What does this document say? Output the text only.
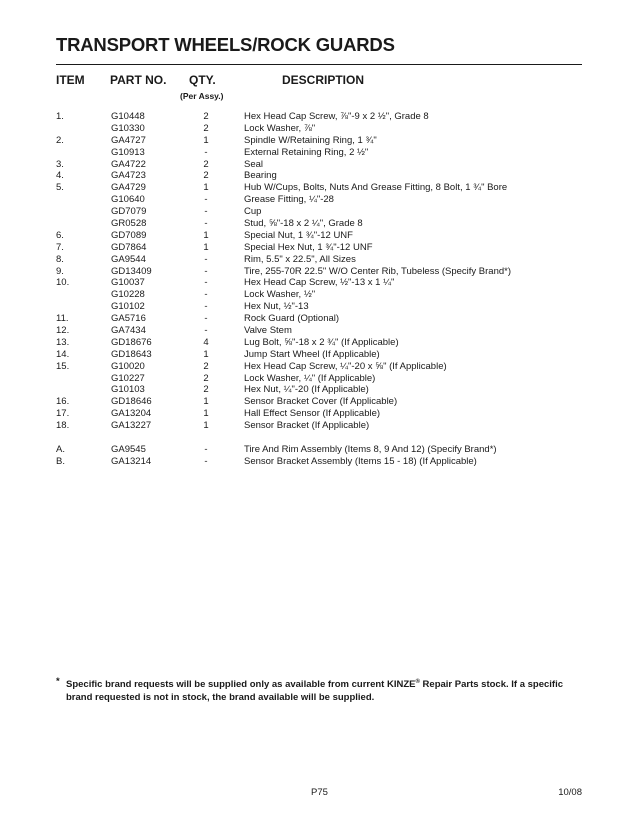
TRANSPORT WHEELS/ROCK GUARDS
ITEM PART NO. QTY.	DESCRIPTION
(Per Assy.)
1.	G10448	2	Hex Head Cap Screw, ⅞"-9 x 2 ½", Grade 8
G10330	2	Lock Washer, ⅞"
2.	GA4727	1	Spindle W/Retaining Ring, 1 ¾"
G10913	-	External Retaining Ring, 2 ½"
3.	GA4722	2	Seal
4.	GA4723	2	Bearing
5.	GA4729	1	Hub W/Cups, Bolts, Nuts And Grease Fitting, 8 Bolt, 1 ¾" Bore
G10640	-	Grease Fitting, ¼"-28
GD7079	-	Cup
GR0528	-	Stud, ⅝"-18 x 2 ¼", Grade 8
6.	GD7089	1	Special Nut, 1 ¾"-12 UNF
7.	GD7864	1	Special Hex Nut, 1 ¾"-12 UNF
8.	GA9544	-	Rim, 5.5" x 22.5", All Sizes
9.	GD13409	-	Tire, 255-70R 22.5" W/O Center Rib, Tubeless (Specify Brand*)
10.	G10037	-	Hex Head Cap Screw, ½"-13 x 1 ¼"
G10228	-	Lock Washer, ½"
G10102	-	Hex Nut, ½"-13
11.	GA5716	-	Rock Guard (Optional)
12.	GA7434	-	Valve Stem
13.	GD18676	4	Lug Bolt, ⅝"-18 x 2 ¾" (If Applicable)
14.	GD18643	1	Jump Start Wheel (If Applicable)
15.	G10020	2	Hex Head Cap Screw, ¼"-20 x ⅝" (If Applicable)
G10227	2	Lock Washer, ¼" (If Applicable)
G10103	2	Hex Nut, ¼"-20 (If Applicable)
16.	GD18646	1	Sensor Bracket Cover (If Applicable)
17.	GA13204	1	Hall Effect Sensor (If Applicable)
18.	GA13227	1	Sensor Bracket (If Applicable)
A.	GA9545	-	Tire And Rim Assembly (Items 8, 9 And 12) (Specify Brand*)
B.	GA13214	-	Sensor Bracket Assembly (Items 15 - 18) (If Applicable)
* Specific brand requests will be supplied only as available from current KINZE® Repair Parts stock. If a specific brand requested is not in stock, the brand available will be supplied.
P75	10/08
